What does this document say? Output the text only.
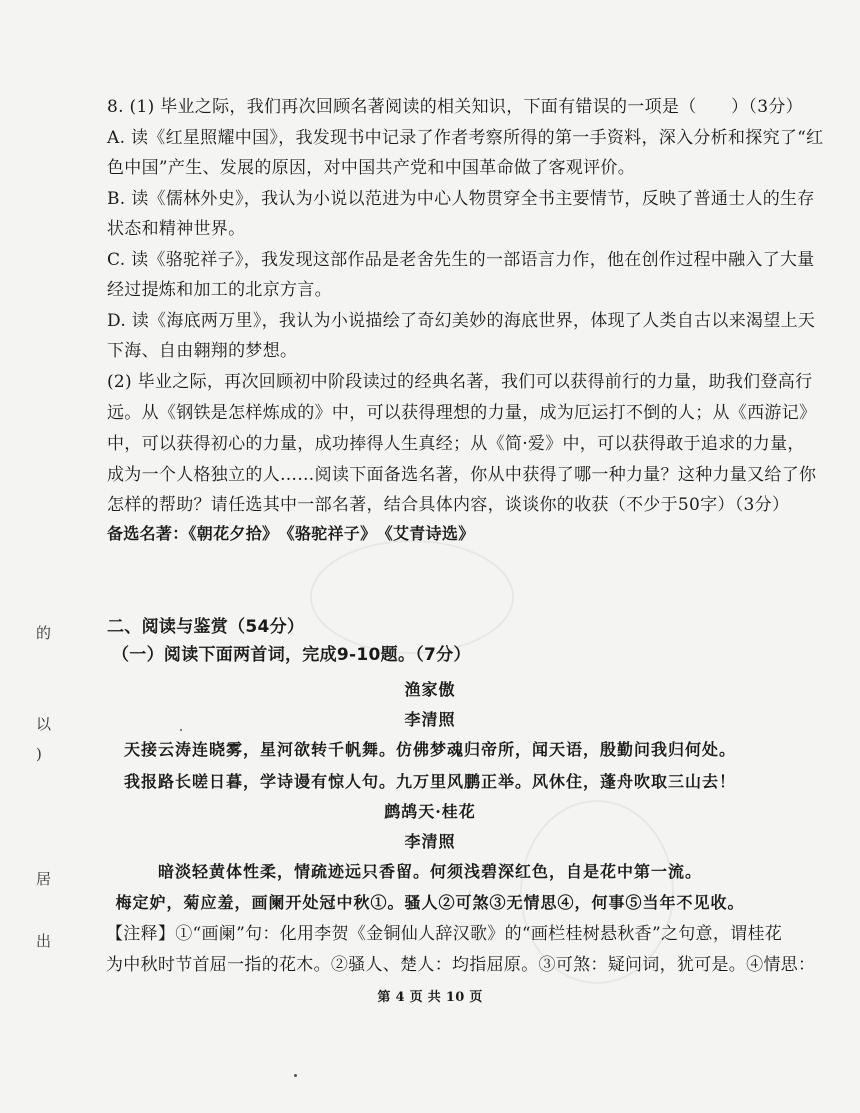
8. (1) 毕业之际，我们再次回顾名著阅读的相关知识，下面有错误的一项是（　　）（3分）
A. 读《红星照耀中国》，我发现书中记录了作者考察所得的第一手资料，深入分析和探究了“红
色中国”产生、发展的原因，对中国共产党和中国革命做了客观评价。
B. 读《儒林外史》，我认为小说以范进为中心人物贯穿全书主要情节，反映了普通士人的生存
状态和精神世界。
C. 读《骆驼祥子》，我发现这部作品是老舍先生的一部语言力作，他在创作过程中融入了大量
经过提炼和加工的北京方言。
D. 读《海底两万里》，我认为小说描绘了奇幻美妙的海底世界，体现了人类自古以来渴望上天
下海、自由翱翔的梦想。
(2) 毕业之际，再次回顾初中阶段读过的经典名著，我们可以获得前行的力量，助我们登高行
远。从《钢铁是怎样炼成的》中，可以获得理想的力量，成为厄运打不倒的人；从《西游记》
中，可以获得初心的力量，成功捧得人生真经；从《简·爱》中，可以获得敢于追求的力量，
成为一个人格独立的人……阅读下面备选名著，你从中获得了哪一种力量？这种力量又给了你
怎样的帮助？请任选其中一部名著，结合具体内容，谈谈你的收获（不少于50字）（3分）
备选名著：《朝花夕拾》　《骆驼祥子》　《艾青诗选》
二、阅读与鉴赏（54分）
（一）阅读下面两首词，完成9-10题。（7分）
渔家傲
李清照
天接云涛连晓雾，星河欲转千帆舞。仿佛梦魂归帝所，闻天语，殷勤问我归何处。
我报路长嗟日暮，学诗谩有惊人句。九万里风鹏正举。风休住，蓬舟吹取三山去！
鹧鸪天·桂花
李清照
暗淡轻黄体性柔，情疏迹远只香留。何须浅碧深红色，自是花中第一流。
梅定妒，菊应羞，画阑开处冠中秋①。骚人②可煞③无情思④，何事⑤当年不见收。
【注释】①“画阑”句：化用李贺《金铜仙人辞汉歌》的“画栏桂树悬秋香”之句意，谓桂花
为中秋时节首屈一指的花木。②骚人、楚人：均指屈原。③可煞：疑问词，犹可是。④情思：
第 4 页 共 10 页
的
以
)
居
出
